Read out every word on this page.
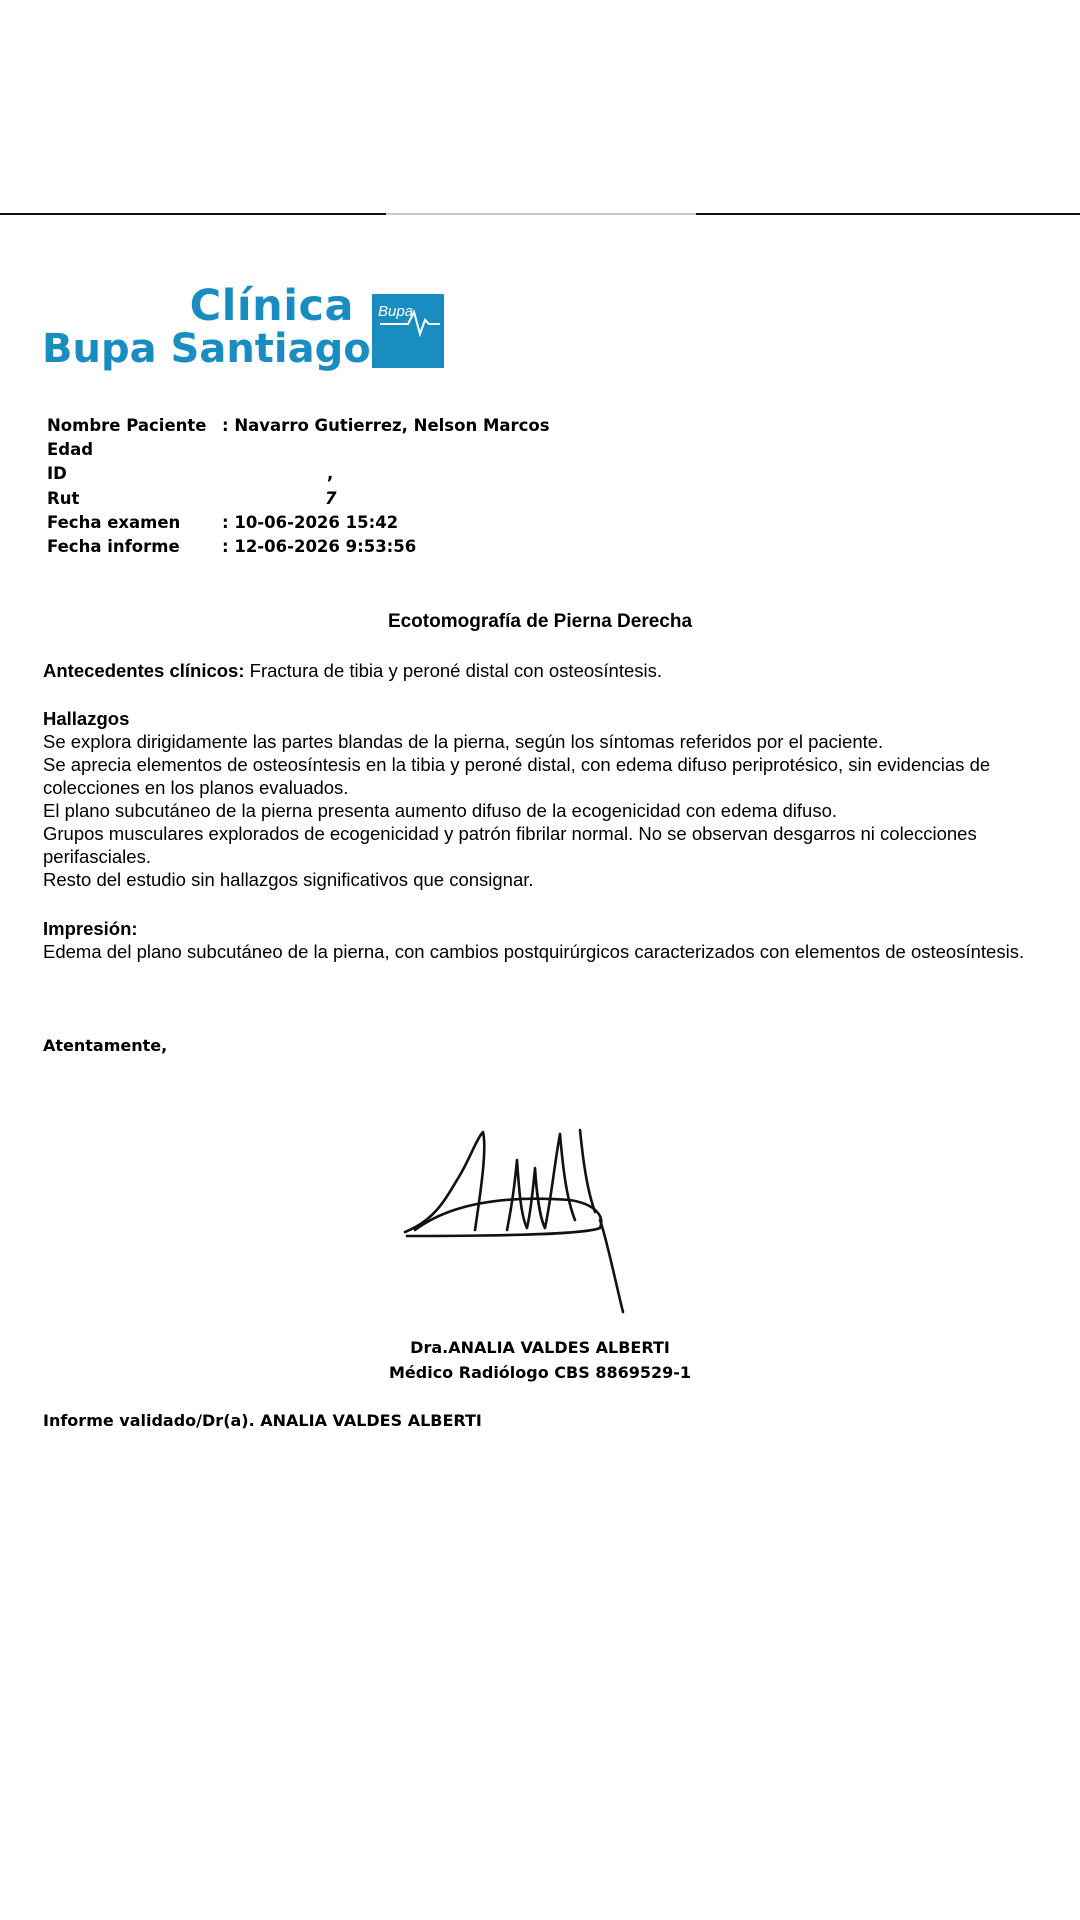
Clínica
Bupa Santiago
Bupa
Nombre Paciente : Navarro Gutierrez, Nelson Marcos
Edad
ID	,
Rut	7
Fecha examen	: 10-06-2026 15:42
Fecha informe	: 12-06-2026 9:53:56
Ecotomografía de Pierna Derecha

Antecedentes clínicos: Fractura de tibia y peroné distal con osteosíntesis.

Hallazgos

Se explora dirigidamente las partes blandas de la pierna, según los síntomas referidos por el paciente.

Se aprecia elementos de osteosíntesis en la tibia y peroné distal, con edema difuso periprotésico, sin evidencias de colecciones en los planos evaluados.

El plano subcutáneo de la pierna presenta aumento difuso de la ecogenicidad con edema difuso.

Grupos musculares explorados de ecogenicidad y patrón fibrilar normal. No se observan desgarros ni colecciones perifasciales.

Resto del estudio sin hallazgos significativos que consignar.

Impresión:

Edema del plano subcutáneo de la pierna, con cambios postquirúrgicos caracterizados con elementos de osteosíntesis.

Atentamente,
Dra.ANALIA VALDES ALBERTI
Médico Radiólogo CBS 8869529-1
Informe validado/Dr(a). ANALIA VALDES ALBERTI
